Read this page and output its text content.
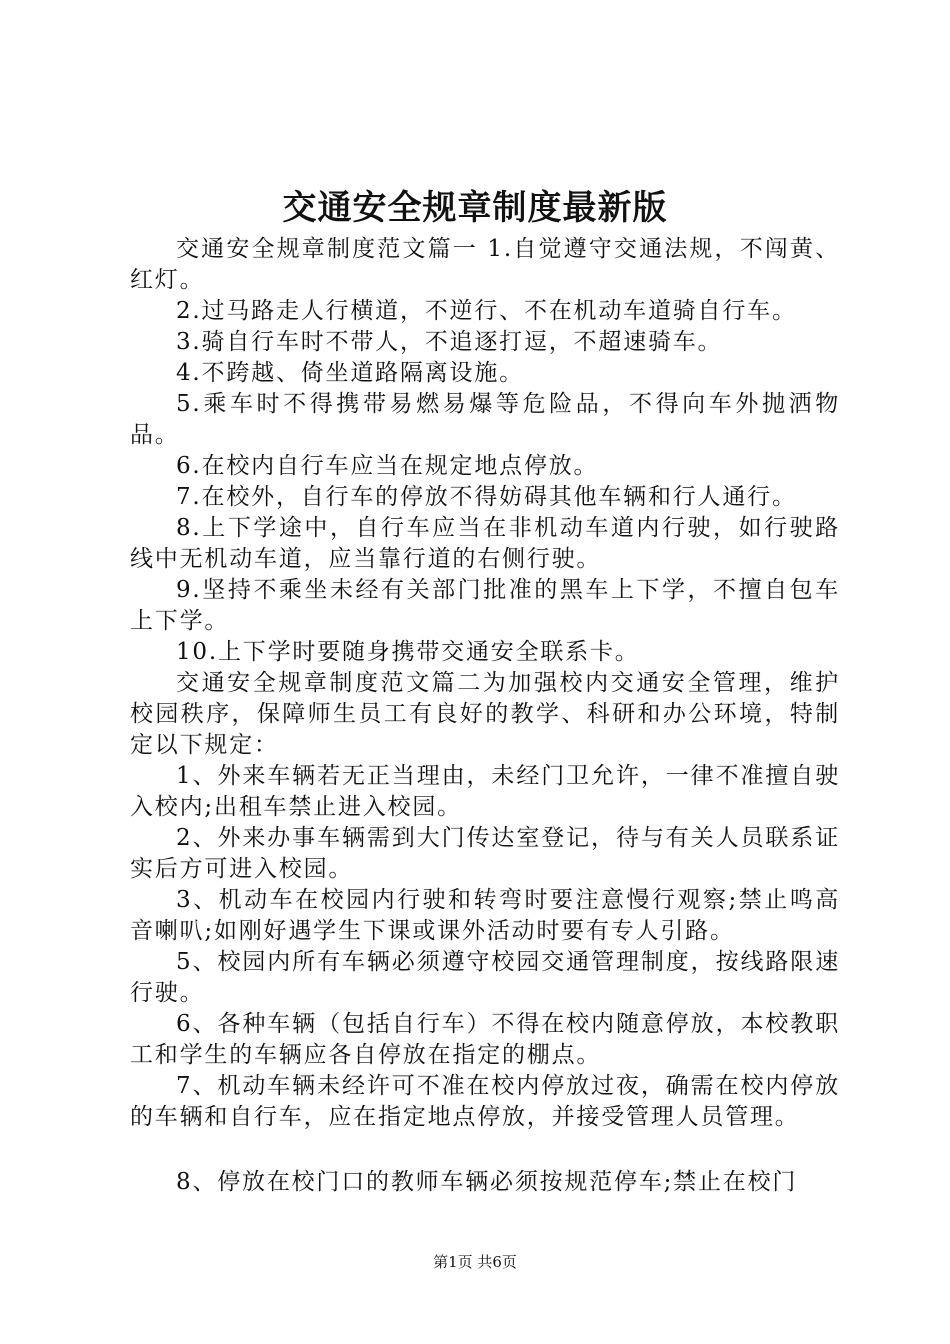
交通安全规章制度最新版

交通安全规章制度范文篇一 1.自觉遵守交通法规，不闯黄、红灯。

2.过马路走人行横道，不逆行、不在机动车道骑自行车。

3.骑自行车时不带人，不追逐打逗，不超速骑车。

4.不跨越、倚坐道路隔离设施。

5.乘车时不得携带易燃易爆等危险品，不得向车外抛洒物品。

6.在校内自行车应当在规定地点停放。

7.在校外，自行车的停放不得妨碍其他车辆和行人通行。

8.上下学途中，自行车应当在非机动车道内行驶，如行驶路线中无机动车道，应当靠行道的右侧行驶。

9.坚持不乘坐未经有关部门批准的黑车上下学，不擅自包车上下学。

10.上下学时要随身携带交通安全联系卡。

交通安全规章制度范文篇二为加强校内交通安全管理，维护校园秩序，保障师生员工有良好的教学、科研和办公环境，特制定以下规定：

1、外来车辆若无正当理由，未经门卫允许，一律不准擅自驶入校内;出租车禁止进入校园。

2、外来办事车辆需到大门传达室登记，待与有关人员联系证实后方可进入校园。

3、机动车在校园内行驶和转弯时要注意慢行观察;禁止鸣高音喇叭;如刚好遇学生下课或课外活动时要有专人引路。

5、校园内所有车辆必须遵守校园交通管理制度，按线路限速行驶。

6、各种车辆（包括自行车）不得在校内随意停放，本校教职工和学生的车辆应各自停放在指定的棚点。

7、机动车辆未经许可不准在校内停放过夜，确需在校内停放的车辆和自行车，应在指定地点停放，并接受管理人员管理。

8、停放在校门口的教师车辆必须按规范停车;禁止在校门

第1页 共6页
